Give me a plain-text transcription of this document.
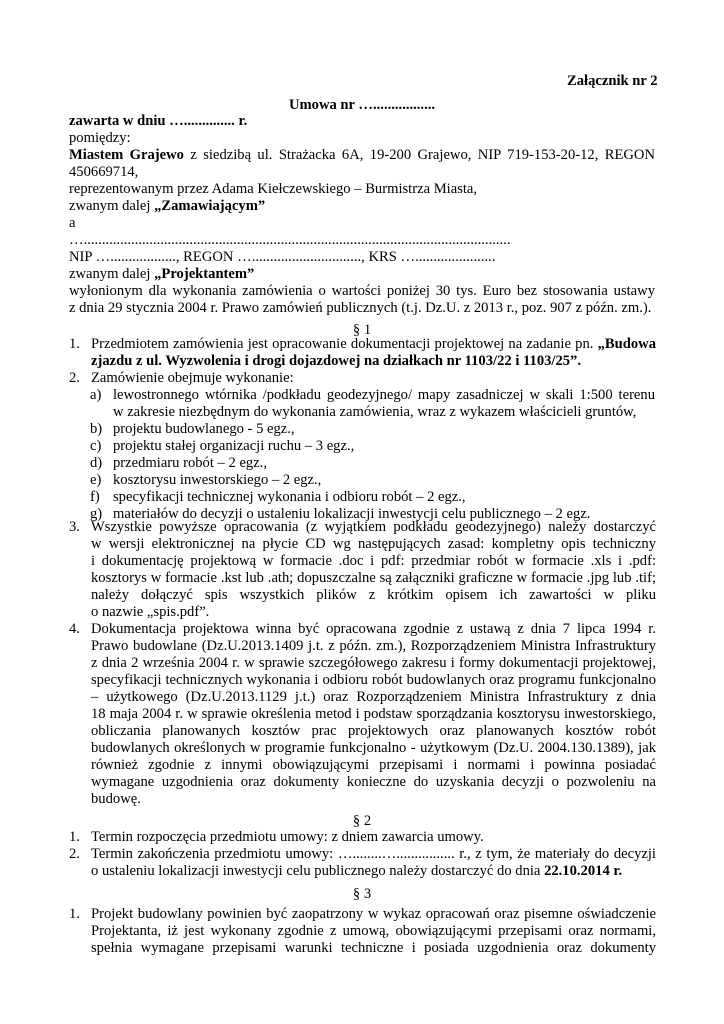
Załącznik nr 2
Umowa nr ….................
zawarta w dniu ….............. r.
pomiędzy:
Miastem Grajewo z siedzibą ul. Strażacka 6A, 19-200 Grajewo, NIP 719-153-20-12, REGON
450669714,
reprezentowanym przez Adama Kiełczewskiego – Burmistrza Miasta,
zwanym dalej „Zamawiającym”
a
….....................................................................................................................
NIP ….................., REGON ….............................., KRS …......................
zwanym dalej „Projektantem”
wyłonionym dla wykonania zamówienia o wartości poniżej 30 tys. Euro bez stosowania ustawy
z dnia 29 stycznia 2004 r. Prawo zamówień publicznych (t.j. Dz.U. z 2013 r., poz. 907 z późn. zm.).
§ 1
1. Przedmiotem zamówienia jest opracowanie dokumentacji projektowej na zadanie pn. „Budowa
zjazdu z ul. Wyzwolenia i drogi dojazdowej na działkach nr 1103/22 i 1103/25”.
2. Zamówienie obejmuje wykonanie:
a) lewostronnego wtórnika /podkładu geodezyjnego/ mapy zasadniczej w skali 1:500 terenu
w zakresie niezbędnym do wykonania zamówienia, wraz z wykazem właścicieli gruntów,
b) projektu budowlanego - 5 egz.,
c) projektu stałej organizacji ruchu – 3 egz.,
d) przedmiaru robót – 2 egz.,
e) kosztorysu inwestorskiego – 2 egz.,
f) specyfikacji technicznej wykonania i odbioru robót – 2 egz.,
g) materiałów do decyzji o ustaleniu lokalizacji inwestycji celu publicznego – 2 egz.
3. Wszystkie powyższe opracowania (z wyjątkiem podkładu geodezyjnego) należy dostarczyć
w wersji elektronicznej na płycie CD wg następujących zasad: kompletny opis techniczny
i dokumentację projektową w formacie .doc i pdf: przedmiar robót w formacie .xls i .pdf:
kosztorys w formacie .kst lub .ath; dopuszczalne są załączniki graficzne w formacie .jpg lub .tif;
należy dołączyć spis wszystkich plików z krótkim opisem ich zawartości w pliku
o nazwie „spis.pdf”.
4. Dokumentacja projektowa winna być opracowana zgodnie z ustawą z dnia 7 lipca 1994 r.
Prawo budowlane (Dz.U.2013.1409 j.t. z późn. zm.), Rozporządzeniem Ministra Infrastruktury
z dnia 2 września 2004 r. w sprawie szczegółowego zakresu i formy dokumentacji projektowej,
specyfikacji technicznych wykonania i odbioru robót budowlanych oraz programu funkcjonalno
– użytkowego (Dz.U.2013.1129 j.t.) oraz Rozporządzeniem Ministra Infrastruktury z dnia
18 maja 2004 r. w sprawie określenia metod i podstaw sporządzania kosztorysu inwestorskiego,
obliczania planowanych kosztów prac projektowych oraz planowanych kosztów robót
budowlanych określonych w programie funkcjonalno - użytkowym (Dz.U. 2004.130.1389), jak
również zgodnie z innymi obowiązującymi przepisami i normami i powinna posiadać
wymagane uzgodnienia oraz dokumenty konieczne do uzyskania decyzji o pozwoleniu na
budowę.
§ 2
1. Termin rozpoczęcia przedmiotu umowy: z dniem zawarcia umowy.
2. Termin zakończenia przedmiotu umowy: …........…................ r., z tym, że materiały do decyzji
o ustaleniu lokalizacji inwestycji celu publicznego należy dostarczyć do dnia 22.10.2014 r.
§ 3
1. Projekt budowlany powinien być zaopatrzony w wykaz opracowań oraz pisemne oświadczenie
Projektanta, iż jest wykonany zgodnie z umową, obowiązującymi przepisami oraz normami,
spełnia wymagane przepisami warunki techniczne i posiada uzgodnienia oraz dokumenty
